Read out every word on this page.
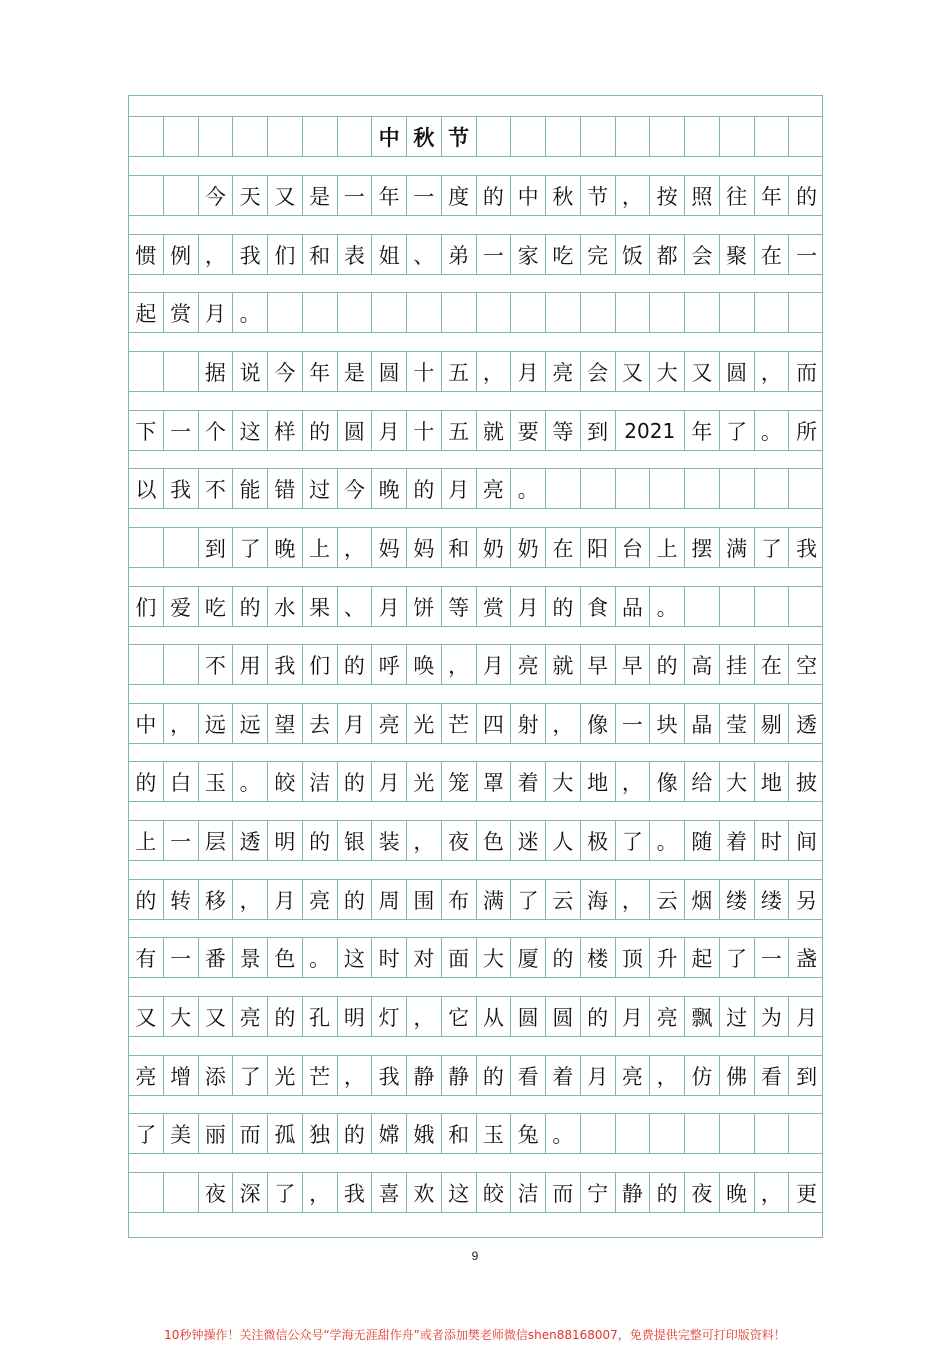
中 秋 节
今 天 又 是 一 年 一 度 的 中 秋 节 ， 按 照 往 年 的
惯 例 ， 我 们 和 表 姐 、 弟 一 家 吃 完 饭 都 会 聚 在 一
起 赏 月 。
据 说 今 年 是 圆 十 五 ， 月 亮 会 又 大 又 圆 ， 而
下 一 个 这 样 的 圆 月 十 五 就 要 等 到 2021 年 了 。 所
以 我 不 能 错 过 今 晚 的 月 亮 。
到 了 晚 上 ， 妈 妈 和 奶 奶 在 阳 台 上 摆 满 了 我
们 爱 吃 的 水 果 、 月 饼 等 赏 月 的 食 品 。
不 用 我 们 的 呼 唤 ， 月 亮 就 早 早 的 高 挂 在 空
中 ， 远 远 望 去 月 亮 光 芒 四 射 ， 像 一 块 晶 莹 剔 透
的 白 玉 。 皎 洁 的 月 光 笼 罩 着 大 地 ， 像 给 大 地 披
上 一 层 透 明 的 银 装 ， 夜 色 迷 人 极 了 。 随 着 时 间
的 转 移 ， 月 亮 的 周 围 布 满 了 云 海 ， 云 烟 缕 缕 另
有 一 番 景 色 。 这 时 对 面 大 厦 的 楼 顶 升 起 了 一 盏
又 大 又 亮 的 孔 明 灯 ， 它 从 圆 圆 的 月 亮 飘 过 为 月
亮 增 添 了 光 芒 ， 我 静 静 的 看 着 月 亮 ， 仿 佛 看 到
了 美 丽 而 孤 独 的 嫦 娥 和 玉 兔 。
夜 深 了 ， 我 喜 欢 这 皎 洁 而 宁 静 的 夜 晚 ， 更
9
10秒钟操作！关注微信公众号“学海无涯甜作舟”或者添加樊老师微信shen88168007，免费提供完整可打印版资料！
